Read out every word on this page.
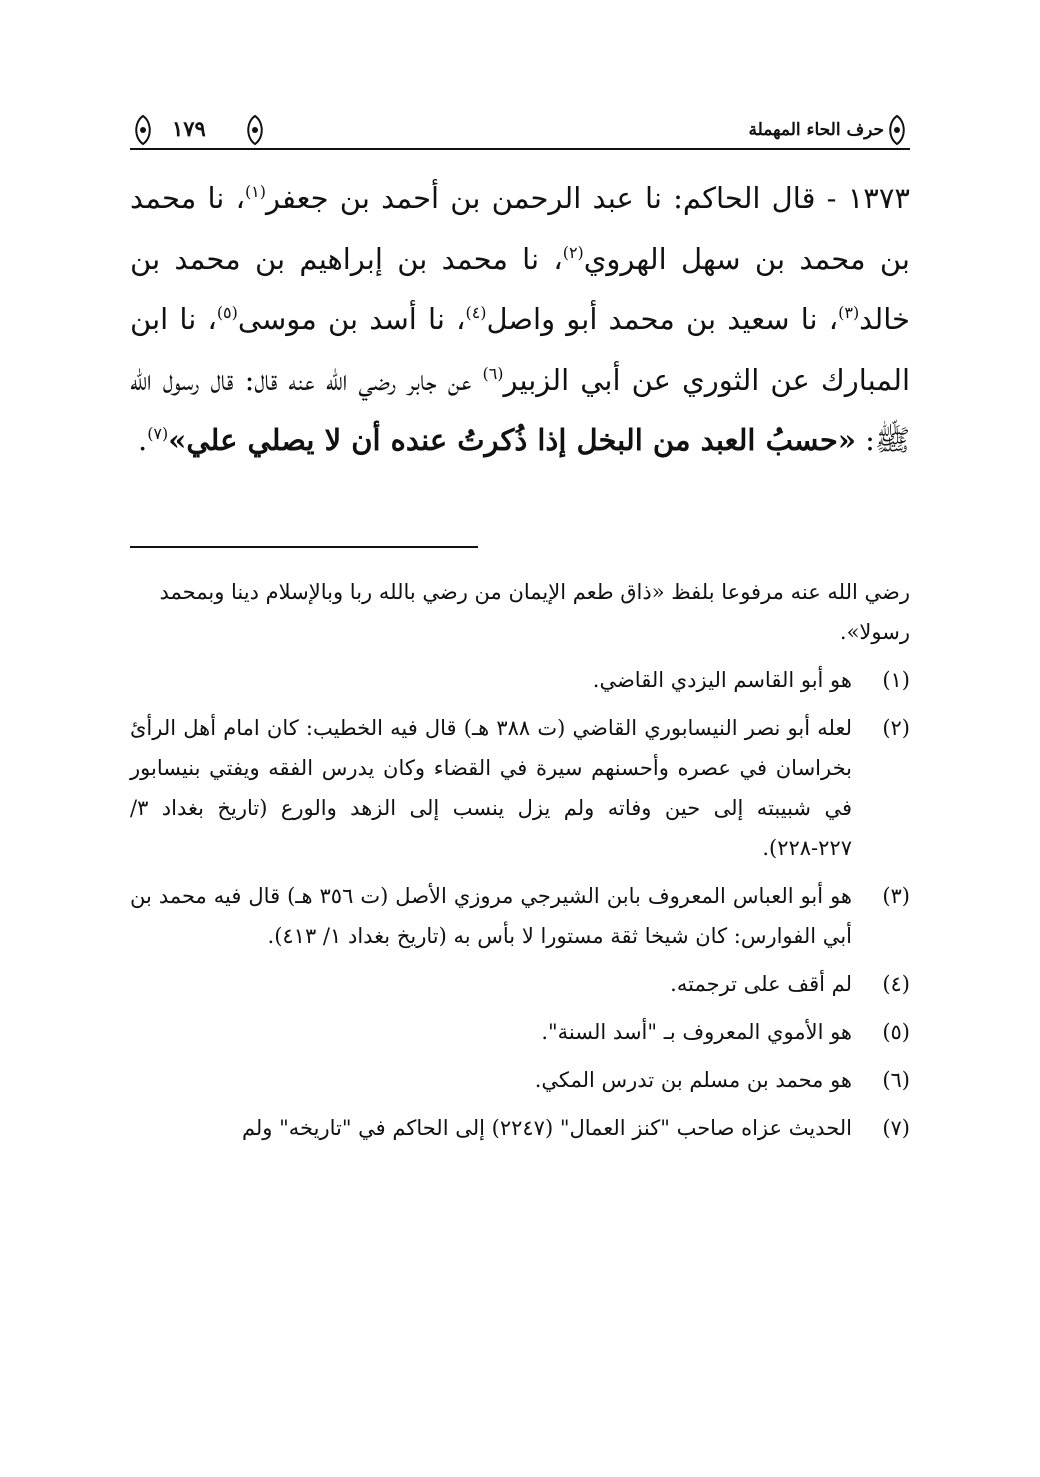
حرف الحاء المهملة
١٧٩

١٣٧٣ - قال الحاكم: نا عبد الرحمن بن أحمد بن جعفر$^{(١)}$، نا محمد بن محمد بن سهل الهروي$^{(٢)}$، نا محمد بن إبراهيم بن محمد بن خالد$^{(٣)}$، نا سعيد بن محمد أبو واصل$^{(٤)}$، نا أسد بن موسى$^{(٥)}$، نا ابن المبارك عن الثوري عن أبي الزبير$^{(٦)}$ عن جابر رضي الله عنه قال: قال رسول الله ﷺ: «حسبُ العبد من البخل إذا ذُكرتُ عنده أن لا يصلي علي»$^{(٧)}$.

رضي الله عنه مرفوعا بلفظ «ذاق طعم الإيمان من رضي بالله ربا وبالإسلام دينا وبمحمد رسولا».

(١)
هو أبو القاسم اليزدي القاضي.
(٢)
لعله أبو نصر النيسابوري القاضي (ت ٣٨٨ هـ) قال فيه الخطيب: كان امام أهل الرأئ بخراسان في عصره وأحسنهم سيرة في القضاء وكان يدرس الفقه ويفتي بنيسابور في شبيبته إلى حين وفاته ولم يزل ينسب إلى الزهد والورع (تاريخ بغداد ٣/ ٢٢٧-٢٢٨).
(٣)
هو أبو العباس المعروف بابن الشيرجي مروزي الأصل (ت ٣٥٦ هـ) قال فيه محمد بن أبي الفوارس: كان شيخا ثقة مستورا لا بأس به (تاريخ بغداد ١/ ٤١٣).
(٤)
لم أقف على ترجمته.
(٥)
هو الأموي المعروف بـ "أسد السنة".
(٦)
هو محمد بن مسلم بن تدرس المكي.
(٧)
الحديث عزاه صاحب "كنز العمال" (٢٢٤٧) إلى الحاكم في "تاريخه" ولم
